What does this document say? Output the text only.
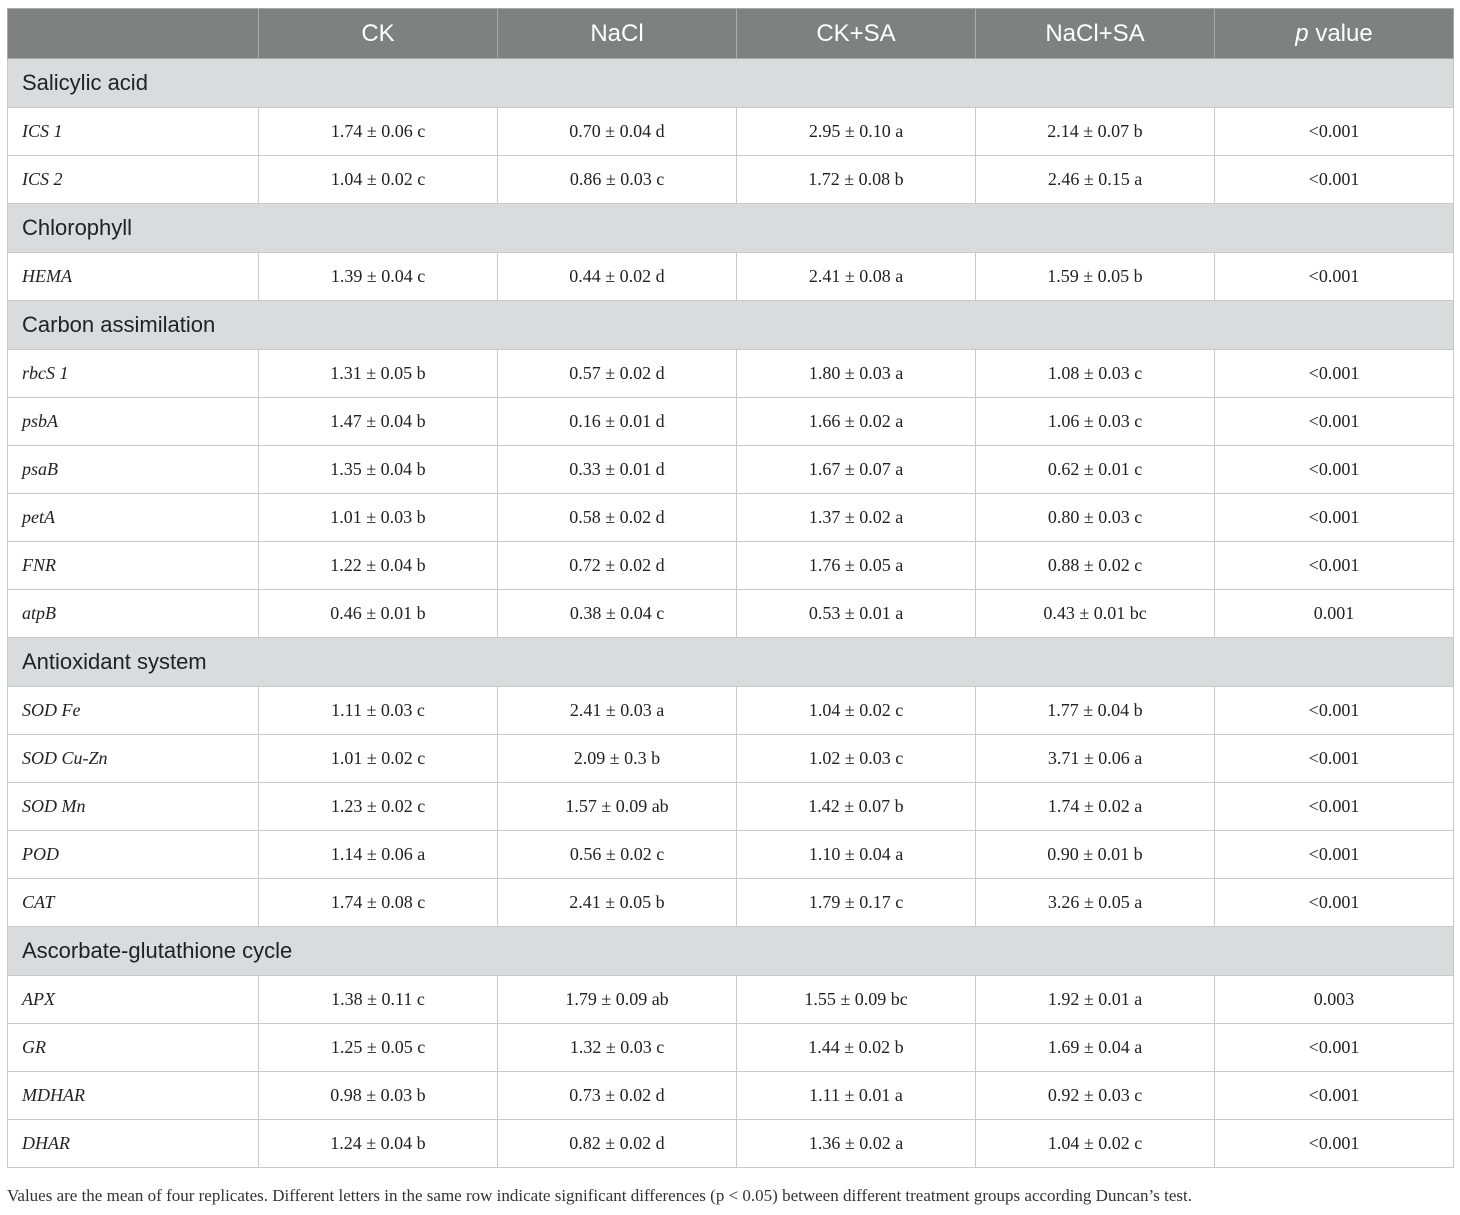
	CK	NaCl	CK+SA	NaCl+SA	p value
Salicylic acid					
ICS 1	1.74 ± 0.06 c	0.70 ± 0.04 d	2.95 ± 0.10 a	2.14 ± 0.07 b	<0.001
ICS 2	1.04 ± 0.02 c	0.86 ± 0.03 c	1.72 ± 0.08 b	2.46 ± 0.15 a	<0.001
Chlorophyll					
HEMA	1.39 ± 0.04 c	0.44 ± 0.02 d	2.41 ± 0.08 a	1.59 ± 0.05 b	<0.001
Carbon assimilation					
rbcS 1	1.31 ± 0.05 b	0.57 ± 0.02 d	1.80 ± 0.03 a	1.08 ± 0.03 c	<0.001
psbA	1.47 ± 0.04 b	0.16 ± 0.01 d	1.66 ± 0.02 a	1.06 ± 0.03 c	<0.001
psaB	1.35 ± 0.04 b	0.33 ± 0.01 d	1.67 ± 0.07 a	0.62 ± 0.01 c	<0.001
petA	1.01 ± 0.03 b	0.58 ± 0.02 d	1.37 ± 0.02 a	0.80 ± 0.03 c	<0.001
FNR	1.22 ± 0.04 b	0.72 ± 0.02 d	1.76 ± 0.05 a	0.88 ± 0.02 c	<0.001
atpB	0.46 ± 0.01 b	0.38 ± 0.04 c	0.53 ± 0.01 a	0.43 ± 0.01 bc	0.001
Antioxidant system					
SOD Fe	1.11 ± 0.03 c	2.41 ± 0.03 a	1.04 ± 0.02 c	1.77 ± 0.04 b	<0.001
SOD Cu-Zn	1.01 ± 0.02 c	2.09 ± 0.3 b	1.02 ± 0.03 c	3.71 ± 0.06 a	<0.001
SOD Mn	1.23 ± 0.02 c	1.57 ± 0.09 ab	1.42 ± 0.07 b	1.74 ± 0.02 a	<0.001
POD	1.14 ± 0.06 a	0.56 ± 0.02 c	1.10 ± 0.04 a	0.90 ± 0.01 b	<0.001
CAT	1.74 ± 0.08 c	2.41 ± 0.05 b	1.79 ± 0.17 c	3.26 ± 0.05 a	<0.001
Ascorbate-glutathione cycle					
APX	1.38 ± 0.11 c	1.79 ± 0.09 ab	1.55 ± 0.09 bc	1.92 ± 0.01 a	0.003
GR	1.25 ± 0.05 c	1.32 ± 0.03 c	1.44 ± 0.02 b	1.69 ± 0.04 a	<0.001
MDHAR	0.98 ± 0.03 b	0.73 ± 0.02 d	1.11 ± 0.01 a	0.92 ± 0.03 c	<0.001
DHAR	1.24 ± 0.04 b	0.82 ± 0.02 d	1.36 ± 0.02 a	1.04 ± 0.02 c	<0.001
Values are the mean of four replicates. Different letters in the same row indicate significant differences (p < 0.05) between different treatment groups according Duncan’s test.
